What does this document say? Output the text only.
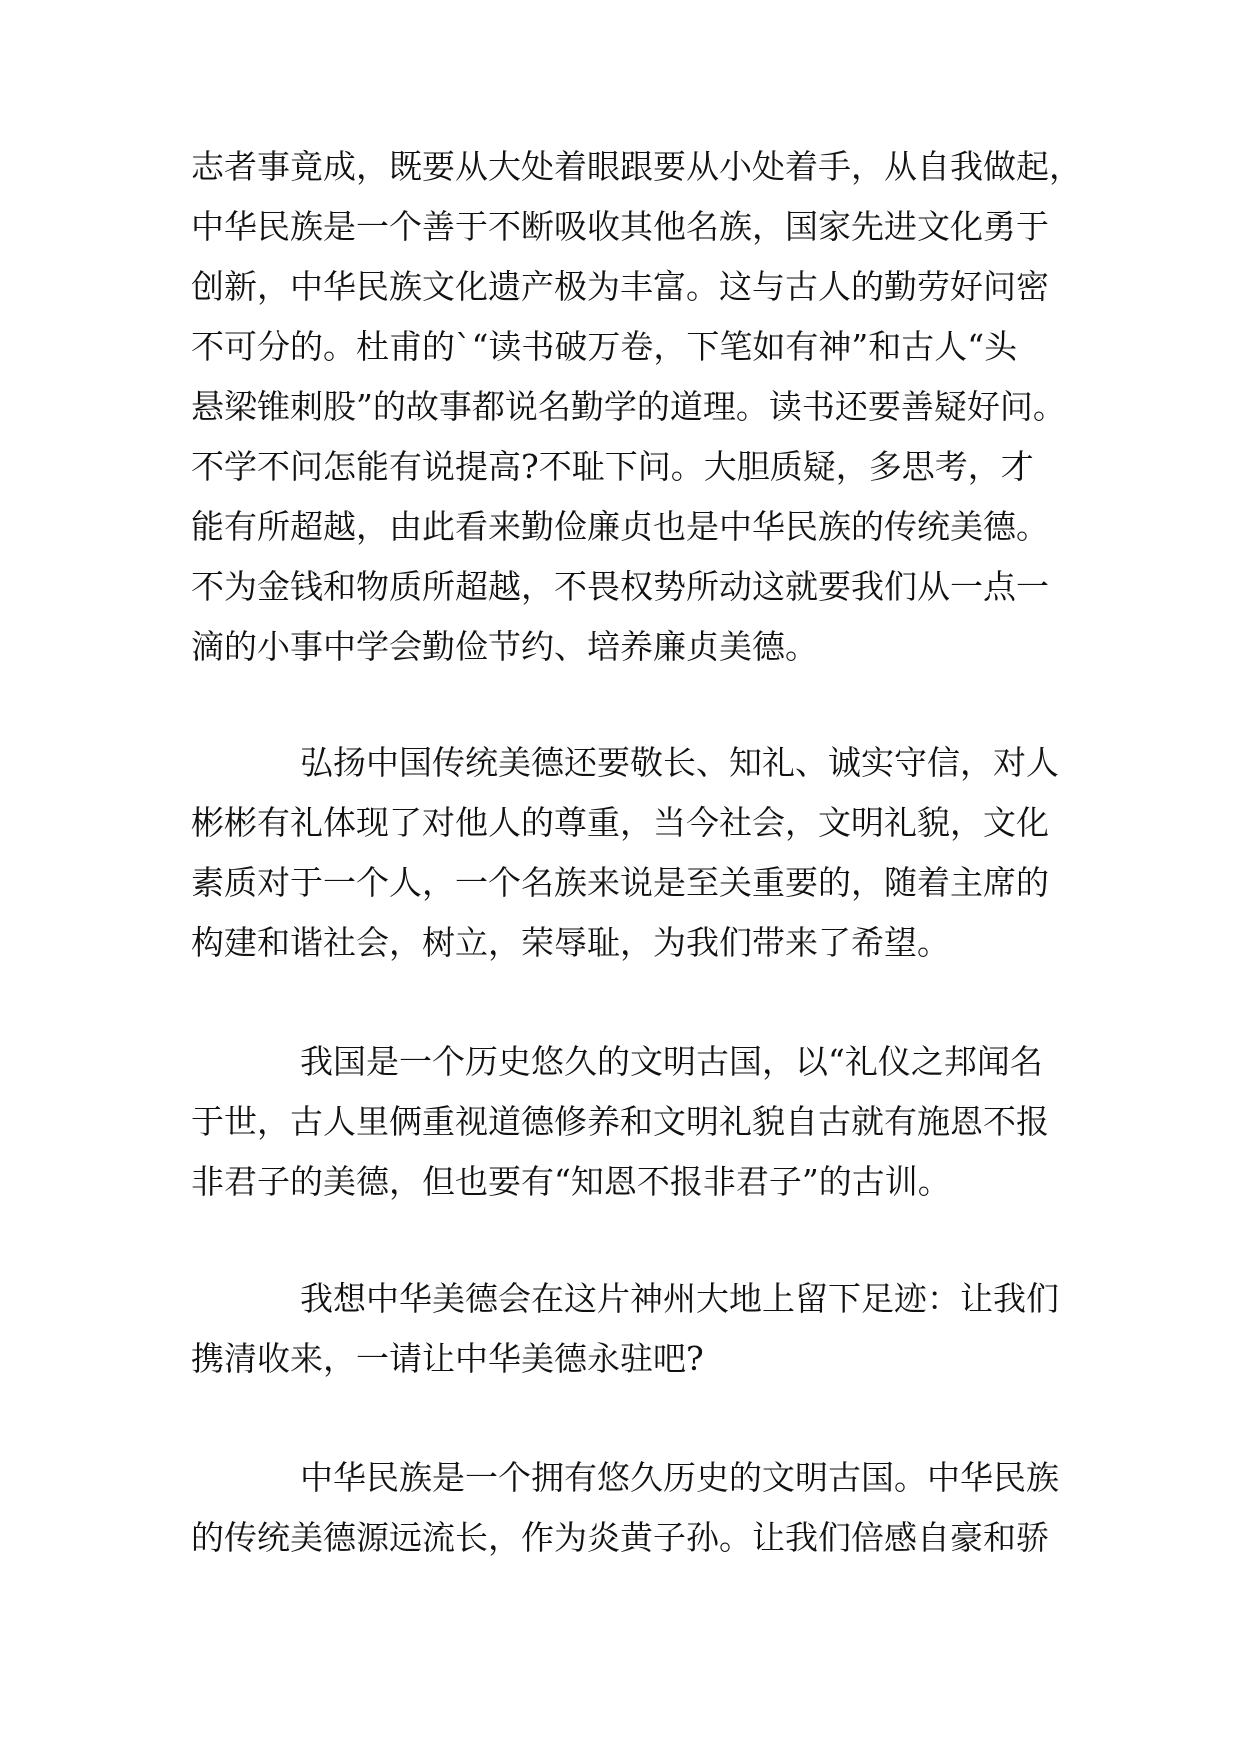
志者事竟成，既要从大处着眼跟要从小处着手，从自我做起，
中华民族是一个善于不断吸收其他名族，国家先进文化勇于
创新，中华民族文化遗产极为丰富。这与古人的勤劳好问密
不可分的。杜甫的`“读书破万卷，下笔如有神”和古人“头
悬梁锥刺股”的故事都说名勤学的道理。读书还要善疑好问。
不学不问怎能有说提高?不耻下问。大胆质疑，多思考，才
能有所超越，由此看来勤俭廉贞也是中华民族的传统美德。
不为金钱和物质所超越，不畏权势所动这就要我们从一点一
滴的小事中学会勤俭节约、培养廉贞美德。
弘扬中国传统美德还要敬长、知礼、诚实守信，对人
彬彬有礼体现了对他人的尊重，当今社会，文明礼貌，文化
素质对于一个人，一个名族来说是至关重要的，随着主席的
构建和谐社会，树立，荣辱耻，为我们带来了希望。
我国是一个历史悠久的文明古国，以“礼仪之邦闻名
于世，古人里俩重视道德修养和文明礼貌自古就有施恩不报
非君子的美德，但也要有“知恩不报非君子”的古训。
我想中华美德会在这片神州大地上留下足迹：让我们
携清收来，一请让中华美德永驻吧?
中华民族是一个拥有悠久历史的文明古国。中华民族
的传统美德源远流长，作为炎黄子孙。让我们倍感自豪和骄
